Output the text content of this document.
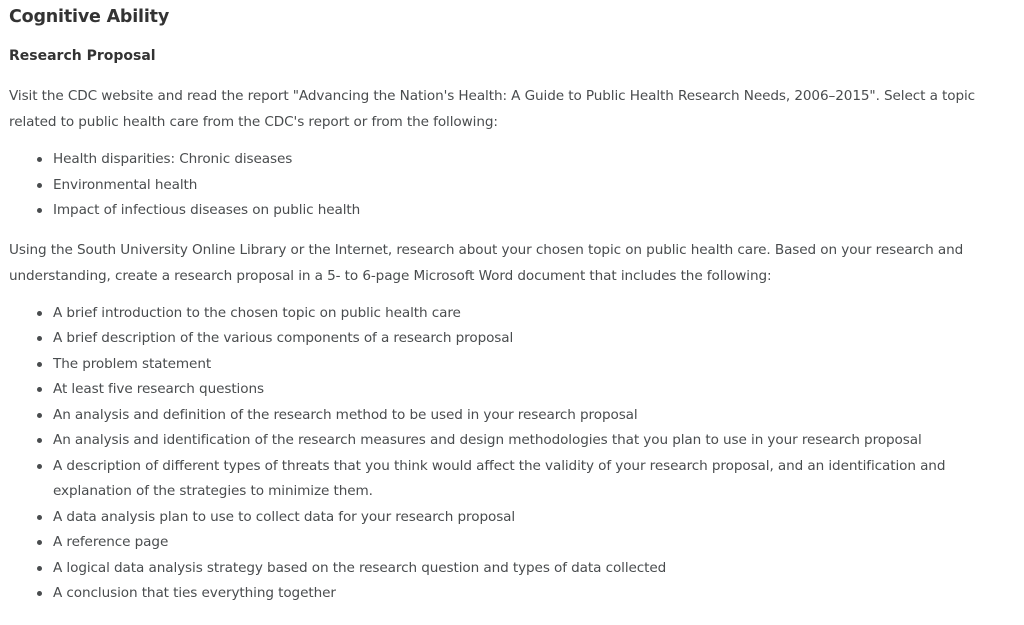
Cognitive Ability
Research Proposal

Visit the CDC website and read the report "Advancing the Nation's Health: A Guide to Public Health Research Needs, 2006–2015". Select a topic related to public health care from the CDC's report or from the following:

Health disparities: Chronic diseases
Environmental health
Impact of infectious diseases on public health

Using the South University Online Library or the Internet, research about your chosen topic on public health care. Based on your research and understanding, create a research proposal in a 5- to 6-page Microsoft Word document that includes the following:

A brief introduction to the chosen topic on public health care
A brief description of the various components of a research proposal
The problem statement
At least five research questions
An analysis and definition of the research method to be used in your research proposal
An analysis and identification of the research measures and design methodologies that you plan to use in your research proposal
A description of different types of threats that you think would affect the validity of your research proposal, and an identification and explanation of the strategies to minimize them.
A data analysis plan to use to collect data for your research proposal
A reference page
A logical data analysis strategy based on the research question and types of data collected
A conclusion that ties everything together
